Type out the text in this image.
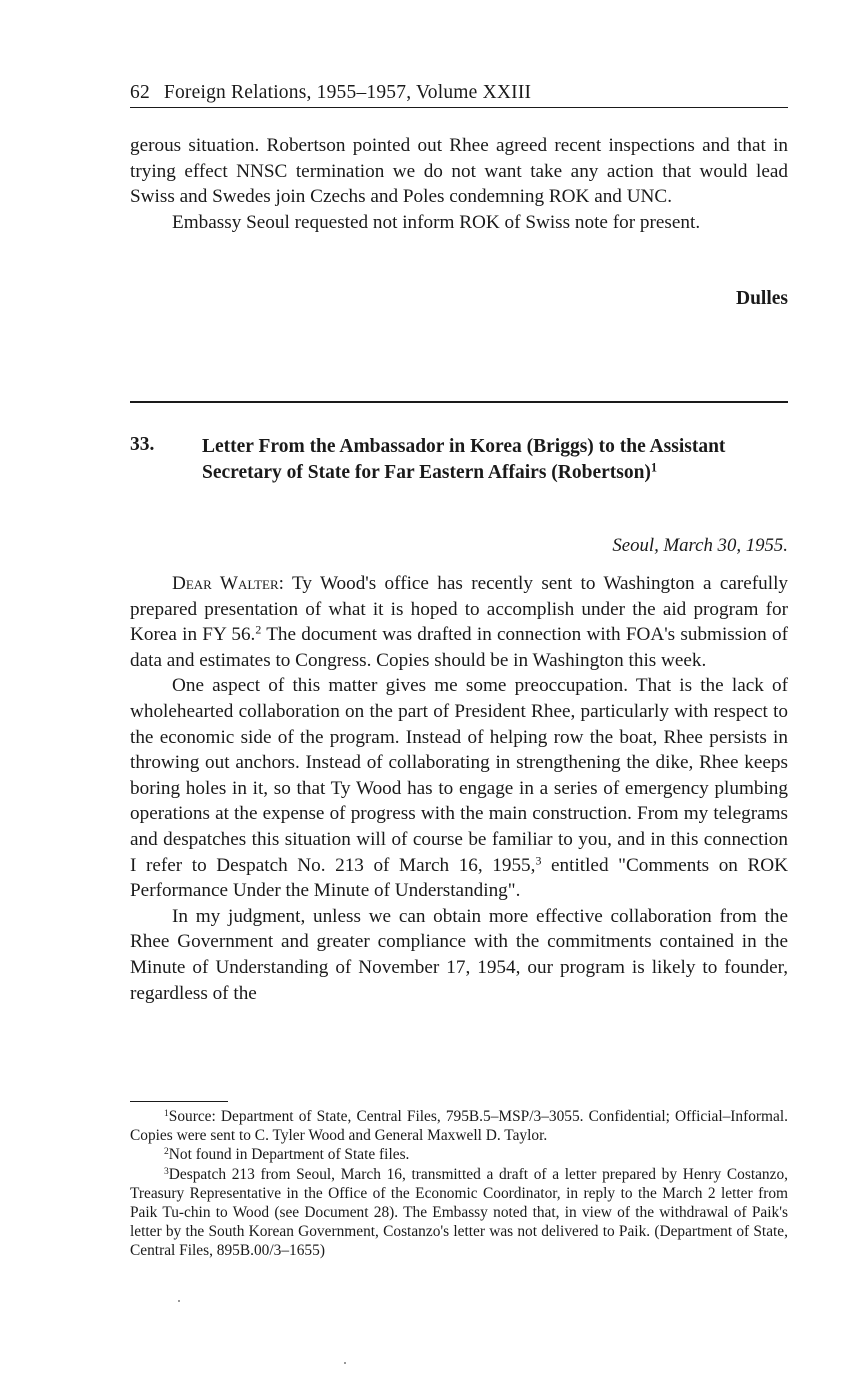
62 Foreign Relations, 1955–1957, Volume XXIII

gerous situation. Robertson pointed out Rhee agreed recent inspections and that in trying effect NNSC termination we do not want take any action that would lead Swiss and Swedes join Czechs and Poles condemning ROK and UNC.

Embassy Seoul requested not inform ROK of Swiss note for present.

Dulles
33. Letter From the Ambassador in Korea (Briggs) to the Assistant Secretary of State for Far Eastern Affairs (Robertson)$^1$
Seoul, March 30, 1955.

Dear Walter: Ty Wood's office has recently sent to Washington a carefully prepared presentation of what it is hoped to accomplish under the aid program for Korea in FY 56.$^2$ The document was drafted in connection with FOA's submission of data and estimates to Congress. Copies should be in Washington this week.

One aspect of this matter gives me some preoccupation. That is the lack of wholehearted collaboration on the part of President Rhee, particularly with respect to the economic side of the program. Instead of helping row the boat, Rhee persists in throwing out anchors. Instead of collaborating in strengthening the dike, Rhee keeps boring holes in it, so that Ty Wood has to engage in a series of emergency plumbing operations at the expense of progress with the main construction. From my telegrams and despatches this situation will of course be familiar to you, and in this connection I refer to Despatch No. 213 of March 16, 1955,$^3$ entitled "Comments on ROK Performance Under the Minute of Understanding".

In my judgment, unless we can obtain more effective collaboration from the Rhee Government and greater compliance with the commitments contained in the Minute of Understanding of November 17, 1954, our program is likely to founder, regardless of the

$^1$Source: Department of State, Central Files, 795B.5–MSP/3–3055. Confidential; Official–Informal. Copies were sent to C. Tyler Wood and General Maxwell D. Taylor.

$^2$Not found in Department of State files.

$^3$Despatch 213 from Seoul, March 16, transmitted a draft of a letter prepared by Henry Costanzo, Treasury Representative in the Office of the Economic Coordinator, in reply to the March 2 letter from Paik Tu-chin to Wood (see Document 28). The Embassy noted that, in view of the withdrawal of Paik's letter by the South Korean Government, Costanzo's letter was not delivered to Paik. (Department of State, Central Files, 895B.00/3–1655)
